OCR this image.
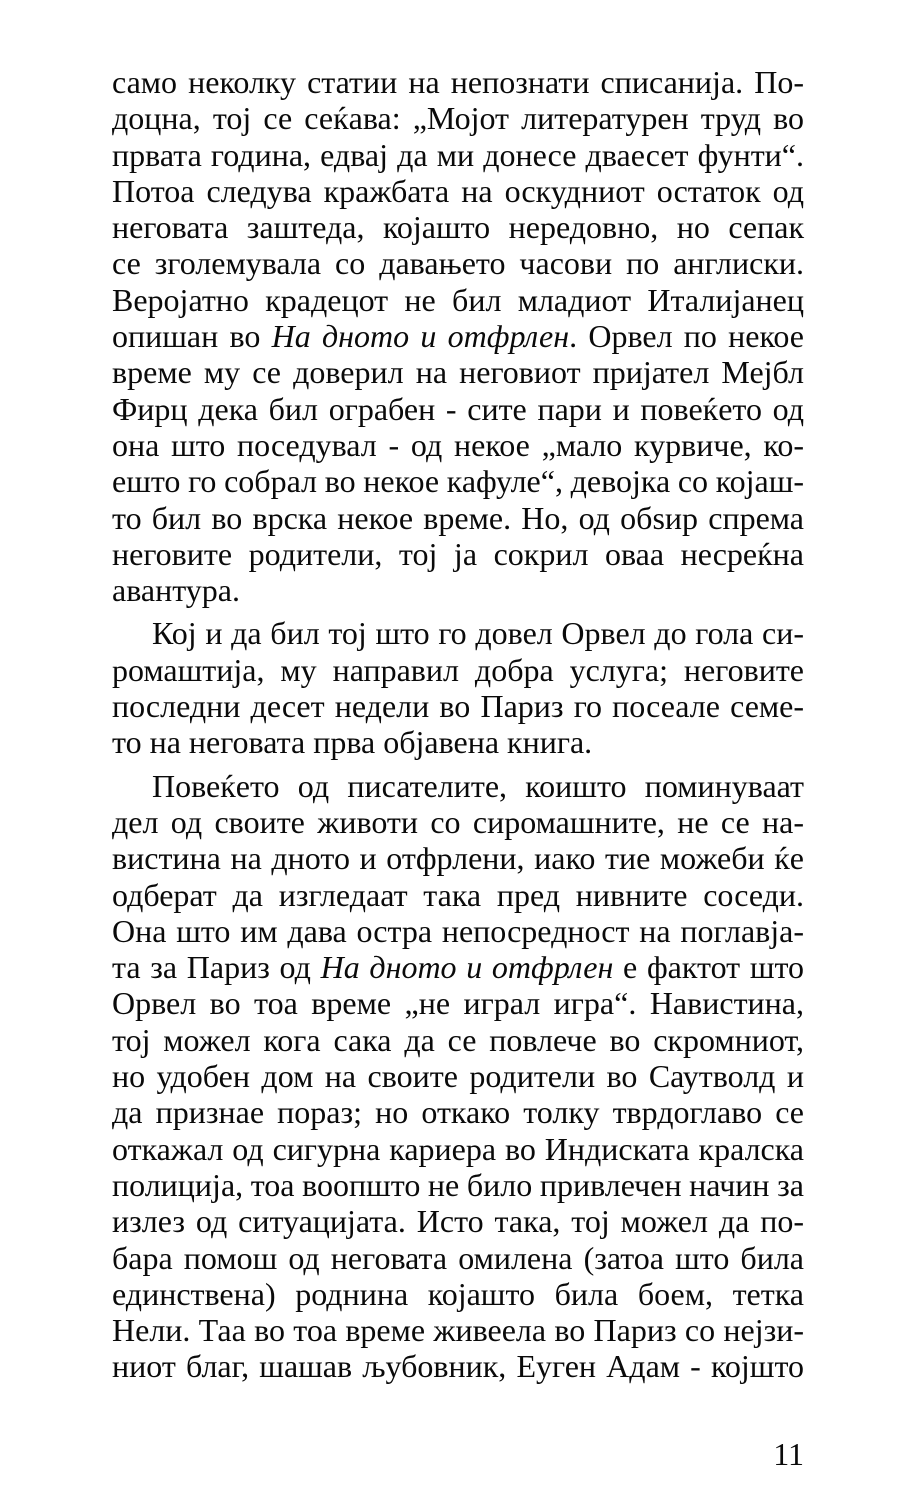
само неколку статии на непознати списанија. По-
доцна, тој се сеќава: „Мојот литературен труд во
првата година, едвај да ми донесе дваесет фунти“.
Потоа следува кражбата на оскудниот остаток од
неговата заштеда, којашто нередовно, но сепак
се зголемувала со давањето часови по англиски.
Веројатно крадецот не бил младиот Италијанец
опишан во На дното и отфрлен. Орвел по некое
време му се доверил на неговиот пријател Мејбл
Фирц дека бил ограбен - сите пари и повеќето од
она што поседувал - од некое „мало курвиче, ко-
ешто го собрал во некое кафуле“, девојка со којаш-
то бил во врска некое време. Но, од обѕир спрема
неговите родители, тој ја сокрил оваа несреќна
авантура.
Кој и да бил тој што го довел Орвел до гола си-
ромаштија, му направил добра услуга; неговите
последни десет недели во Париз го посеале семе-
то на неговата прва објавена книга.
Повеќето од писателите, коишто поминуваат
дел од своите животи со сиромашните, не се на-
вистина на дното и отфрлени, иако тие можеби ќе
одберат да изгледаат така пред нивните соседи.
Она што им дава остра непосредност на поглавја-
та за Париз од На дното и отфрлен е фактот што
Орвел во тоа време „не играл игра“. Навистина,
тој можел кога сака да се повлече во скромниот,
но удобен дом на своите родители во Саутволд и
да признае пораз; но откако толку тврдоглаво се
откажал од сигурна кариера во Индиската кралска
полиција, тоа воопшто не било привлечен начин за
излез од ситуацијата. Исто така, тој можел да по-
бара помош од неговата омилена (затоа што била
единствена) роднина којашто била боем, тетка
Нели. Таа во тоа време живеела во Париз со нејзи-
ниот благ, шашав љубовник, Еуген Адам - којшто
11
